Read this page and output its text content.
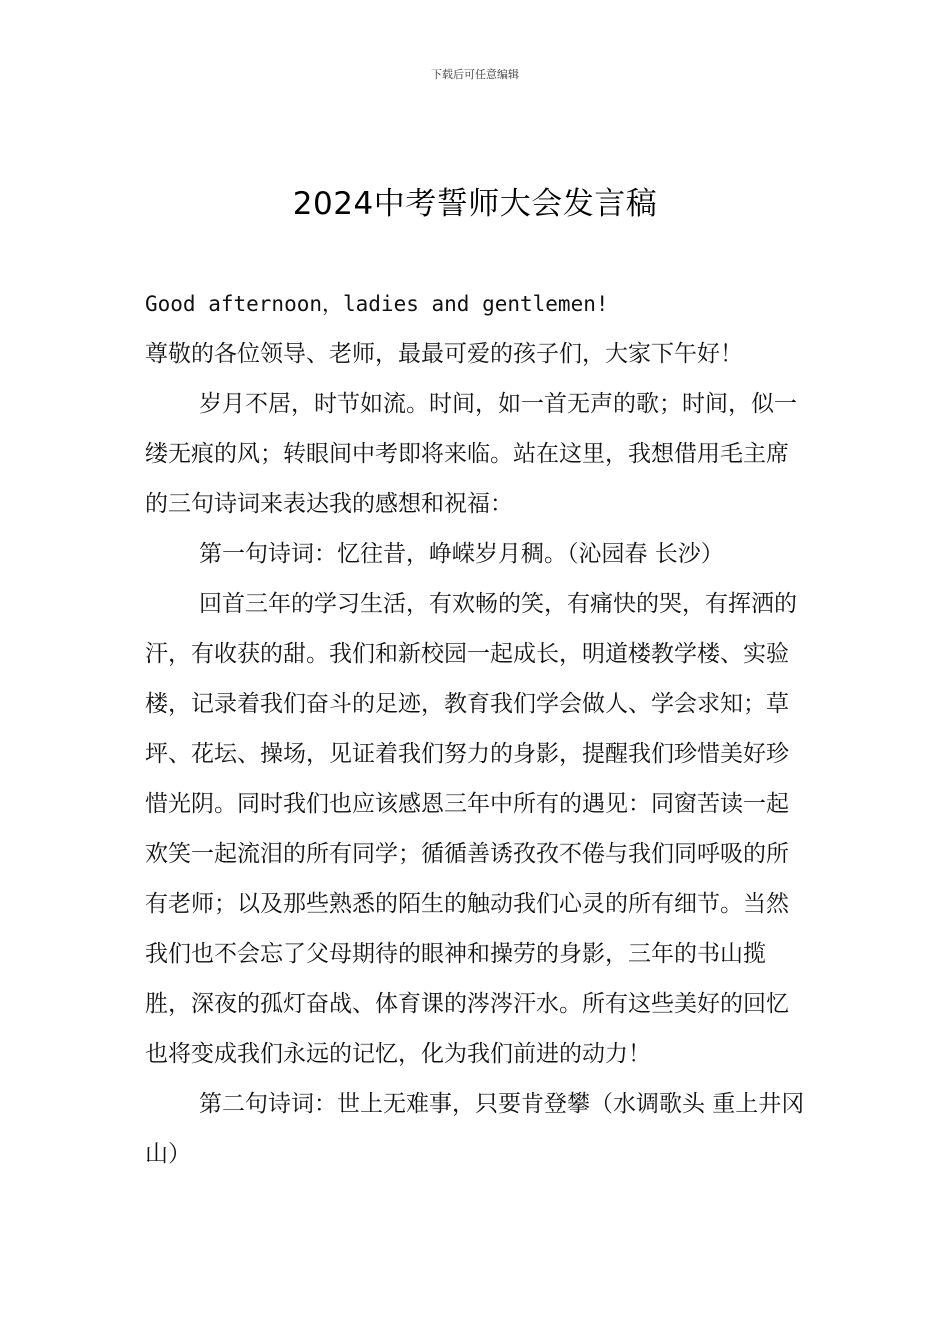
下载后可任意编辑
2024中考誓师大会发言稿

Good afternoon，ladies and gentlemen!

尊敬的各位领导、老师，最最可爱的孩子们，大家下午好！

岁月不居，时节如流。时间，如一首无声的歌；时间，似一缕无痕的风；转眼间中考即将来临。站在这里，我想借用毛主席的三句诗词来表达我的感想和祝福：

第一句诗词：忆往昔，峥嵘岁月稠。（沁园春 长沙）

回首三年的学习生活，有欢畅的笑，有痛快的哭，有挥洒的汗，有收获的甜。我们和新校园一起成长，明道楼教学楼、实验楼，记录着我们奋斗的足迹，教育我们学会做人、学会求知；草坪、花坛、操场，见证着我们努力的身影，提醒我们珍惜美好珍惜光阴。同时我们也应该感恩三年中所有的遇见：同窗苦读一起欢笑一起流泪的所有同学；循循善诱孜孜不倦与我们同呼吸的所有老师；以及那些熟悉的陌生的触动我们心灵的所有细节。当然我们也不会忘了父母期待的眼神和操劳的身影，三年的书山揽胜，深夜的孤灯奋战、体育课的涔涔汗水。所有这些美好的回忆也将变成我们永远的记忆，化为我们前进的动力！

第二句诗词：世上无难事，只要肯登攀（水调歌头 重上井冈山）
